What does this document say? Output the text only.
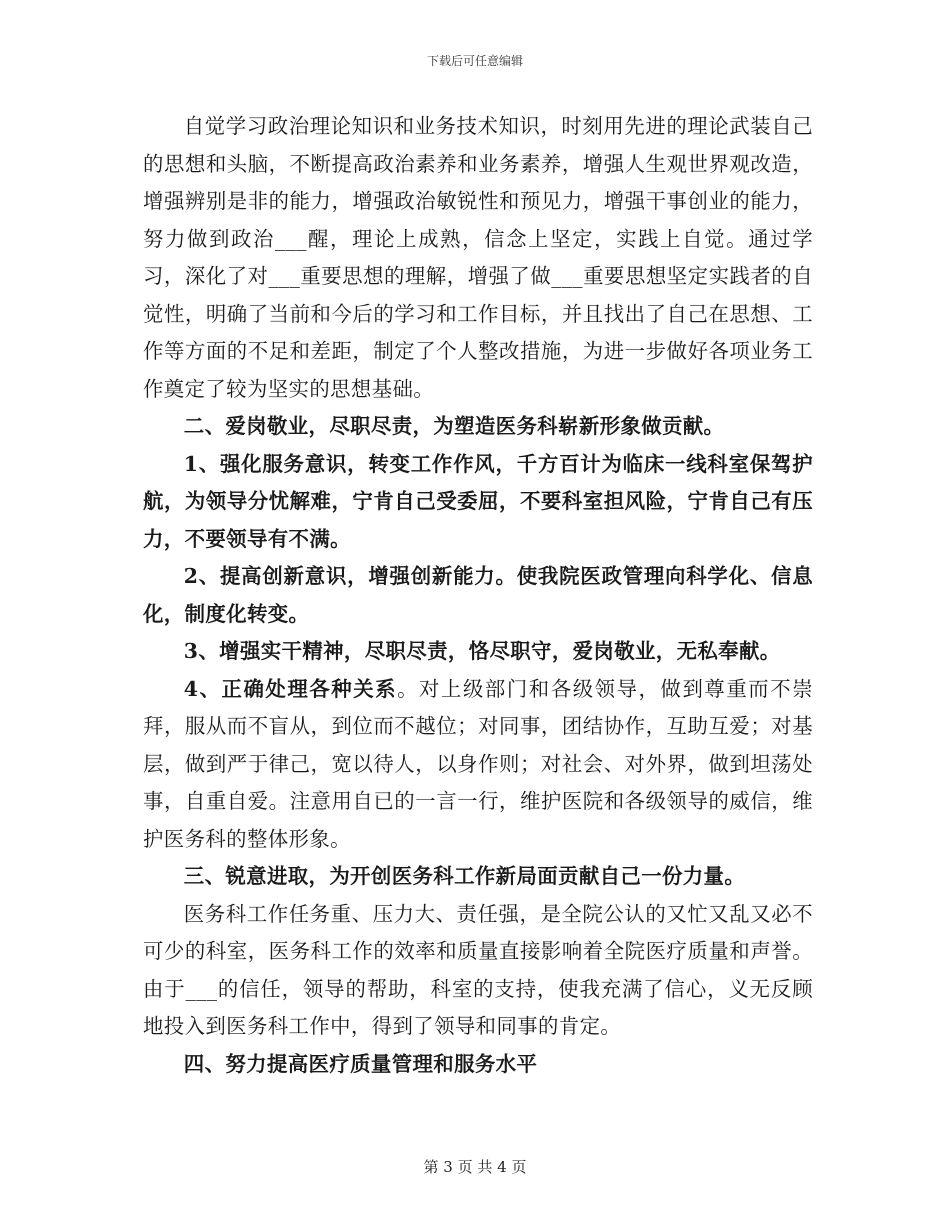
下载后可任意编辑

自觉学习政治理论知识和业务技术知识，时刻用先进的理论武装自己的思想和头脑，不断提高政治素养和业务素养，增强人生观世界观改造，增强辨别是非的能力，增强政治敏锐性和预见力，增强干事创业的能力，努力做到政治___醒，理论上成熟，信念上坚定，实践上自觉。通过学习，深化了对___重要思想的理解，增强了做___重要思想坚定实践者的自觉性，明确了当前和今后的学习和工作目标，并且找出了自己在思想、工作等方面的不足和差距，制定了个人整改措施，为进一步做好各项业务工作奠定了较为坚实的思想基础。

二、爱岗敬业，尽职尽责，为塑造医务科崭新形象做贡献。

1、强化服务意识，转变工作作风，千方百计为临床一线科室保驾护航，为领导分忧解难，宁肯自己受委屈，不要科室担风险，宁肯自己有压力，不要领导有不满。

2、提高创新意识，增强创新能力。使我院医政管理向科学化、信息化，制度化转变。

3、增强实干精神，尽职尽责，恪尽职守，爱岗敬业，无私奉献。

4、正确处理各种关系。对上级部门和各级领导，做到尊重而不崇拜，服从而不盲从，到位而不越位；对同事，团结协作，互助互爱；对基层，做到严于律己，宽以待人，以身作则；对社会、对外界，做到坦荡处事，自重自爱。注意用自已的一言一行，维护医院和各级领导的威信，维护医务科的整体形象。

三、锐意进取，为开创医务科工作新局面贡献自己一份力量。

医务科工作任务重、压力大、责任强，是全院公认的又忙又乱又必不可少的科室，医务科工作的效率和质量直接影响着全院医疗质量和声誉。由于___的信任，领导的帮助，科室的支持，使我充满了信心，义无反顾地投入到医务科工作中，得到了领导和同事的肯定。

四、努力提高医疗质量管理和服务水平

第 3 页 共 4 页
